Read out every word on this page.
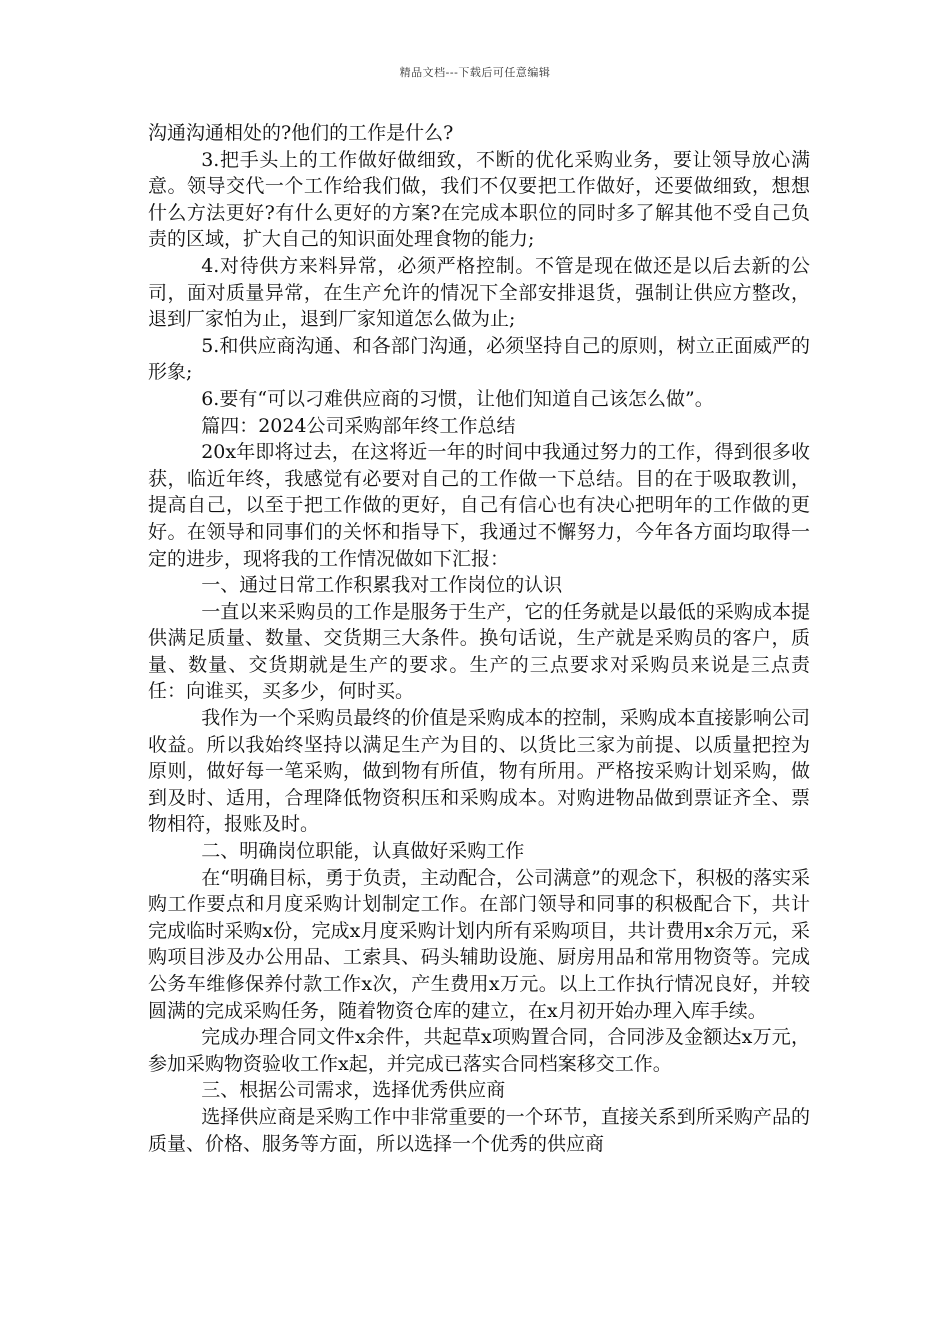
精品文档---下载后可任意编辑

沟通沟通相处的?他们的工作是什么?

3.把手头上的工作做好做细致，不断的优化采购业务，要让领导放心满意。领导交代一个工作给我们做，我们不仅要把工作做好，还要做细致，想想什么方法更好?有什么更好的方案?在完成本职位的同时多了解其他不受自己负责的区域，扩大自己的知识面处理食物的能力;

4.对待供方来料异常，必须严格控制。不管是现在做还是以后去新的公司，面对质量异常，在生产允许的情况下全部安排退货，强制让供应方整改，退到厂家怕为止，退到厂家知道怎么做为止;

5.和供应商沟通、和各部门沟通，必须坚持自己的原则，树立正面威严的形象;

6.要有“可以刁难供应商的习惯，让他们知道自己该怎么做”。

篇四：2024公司采购部年终工作总结

20x年即将过去，在这将近一年的时间中我通过努力的工作，得到很多收获，临近年终，我感觉有必要对自己的工作做一下总结。目的在于吸取教训，提高自己，以至于把工作做的更好，自己有信心也有决心把明年的工作做的更好。在领导和同事们的关怀和指导下，我通过不懈努力，今年各方面均取得一定的进步，现将我的工作情况做如下汇报：

一、通过日常工作积累我对工作岗位的认识

一直以来采购员的工作是服务于生产，它的任务就是以最低的采购成本提供满足质量、数量、交货期三大条件。换句话说，生产就是采购员的客户，质量、数量、交货期就是生产的要求。生产的三点要求对采购员来说是三点责任：向谁买，买多少，何时买。

我作为一个采购员最终的价值是采购成本的控制，采购成本直接影响公司收益。所以我始终坚持以满足生产为目的、以货比三家为前提、以质量把控为原则，做好每一笔采购，做到物有所值，物有所用。严格按采购计划采购，做到及时、适用，合理降低物资积压和采购成本。对购进物品做到票证齐全、票物相符，报账及时。

二、明确岗位职能，认真做好采购工作

在“明确目标，勇于负责，主动配合，公司满意”的观念下，积极的落实采购工作要点和月度采购计划制定工作。在部门领导和同事的积极配合下，共计完成临时采购x份，完成x月度采购计划内所有采购项目，共计费用x余万元，采购项目涉及办公用品、工索具、码头辅助设施、厨房用品和常用物资等。完成公务车维修保养付款工作x次，产生费用x万元。以上工作执行情况良好，并较圆满的完成采购任务，随着物资仓库的建立，在x月初开始办理入库手续。

完成办理合同文件x余件，共起草x项购置合同，合同涉及金额达x万元，参加采购物资验收工作x起，并完成已落实合同档案移交工作。

三、根据公司需求，选择优秀供应商

选择供应商是采购工作中非常重要的一个环节，直接关系到所采购产品的质量、价格、服务等方面，所以选择一个优秀的供应商
